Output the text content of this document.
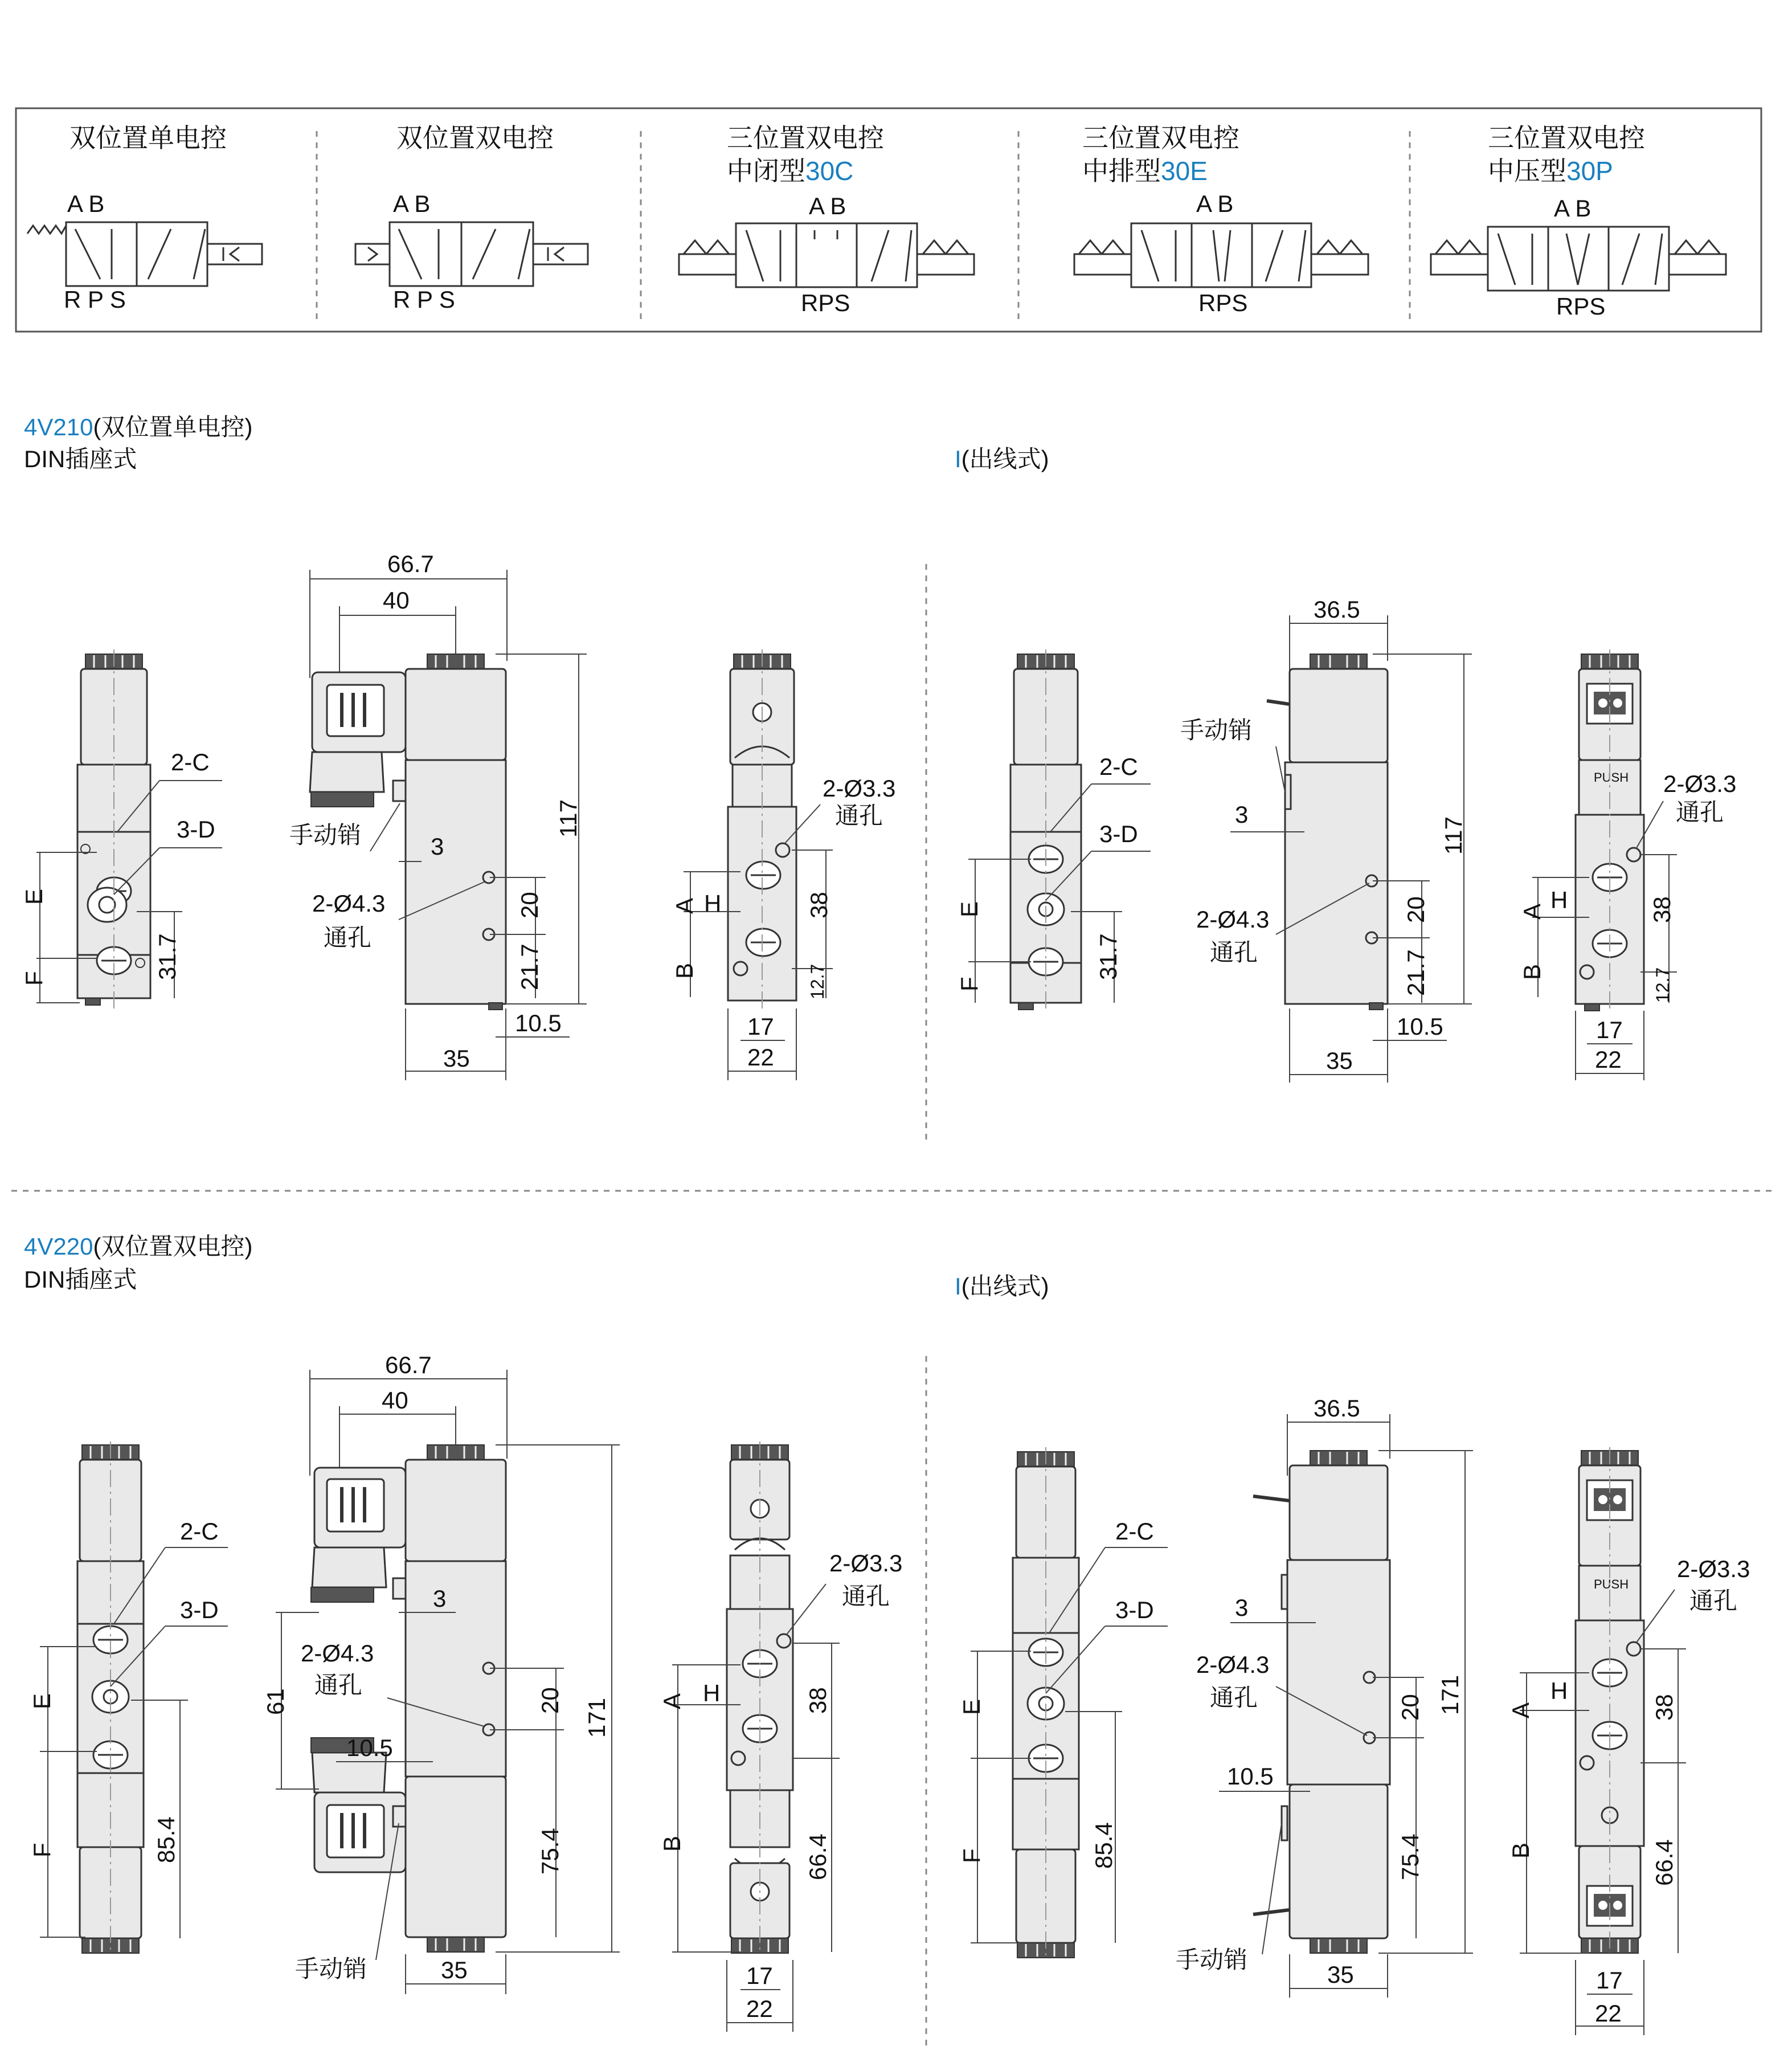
双位置单电控
A B
R P S
双位置双电控
A B
R P S
三位置双电控
中闭型30C
A B
RPS
三位置双电控
中排型30E
A B
RPS
三位置双电控
中压型30P
A B
RPS
4V210(双位置单电控)
DIN插座式	I(出线式)
2-C
3-D
E
F	31.7
66.7
40
手动销	3
2-Ø4.3
通孔
20
21.7
117
10.5
35
2-Ø3.3
通孔
A H
B
38
12.7
17
22
2-C
3-D
E
F
31.7
36.5
手动销
3
2-Ø4.3
通孔
20
21.7
117
10.5
35
PUSH 2-Ø3.3
通孔
A H
B
38
12.7
17
22
4V220(双位置双电控)
DIN插座式	I(出线式)
2-C
3-D
E
F	85.4
66.7
40
3
2-Ø4.3
通孔
61
10.5
20
75.4
171
手动销	35
2-Ø3.3
通孔
A H
B
38
66.4
17
22
2-C
3-D
E
F	85.4
36.5
3
2-Ø4.3
通孔
10.5
20
75.4
171
手动销
35
PUSH
2-Ø3.3
通孔
A
H
B
38
66.4
17
22
